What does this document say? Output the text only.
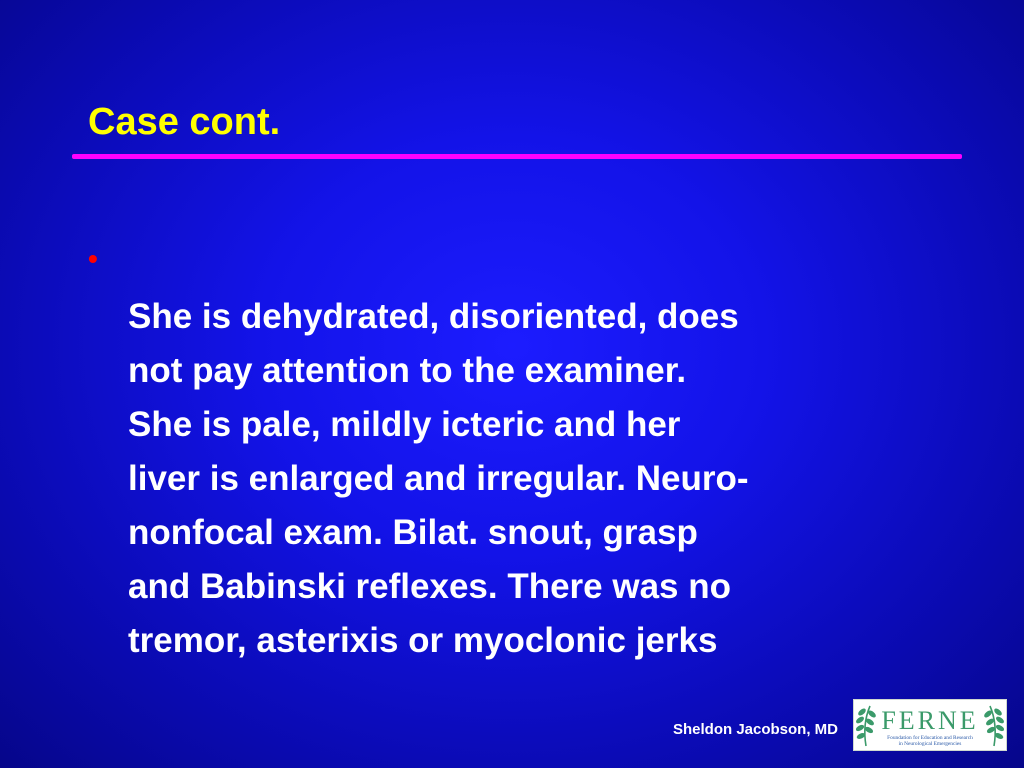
Case cont.

•
She is dehydrated, disoriented, does
not pay attention to the examiner.
She is pale, mildly icteric and her
liver is enlarged and irregular. Neuro-
nonfocal exam. Bilat. snout, grasp
and Babinski reflexes. There was no
tremor, asterixis or myoclonic jerks

Sheldon Jacobson, MD FERNE
Foundation for Education and Research
in Neurological Emergencies
